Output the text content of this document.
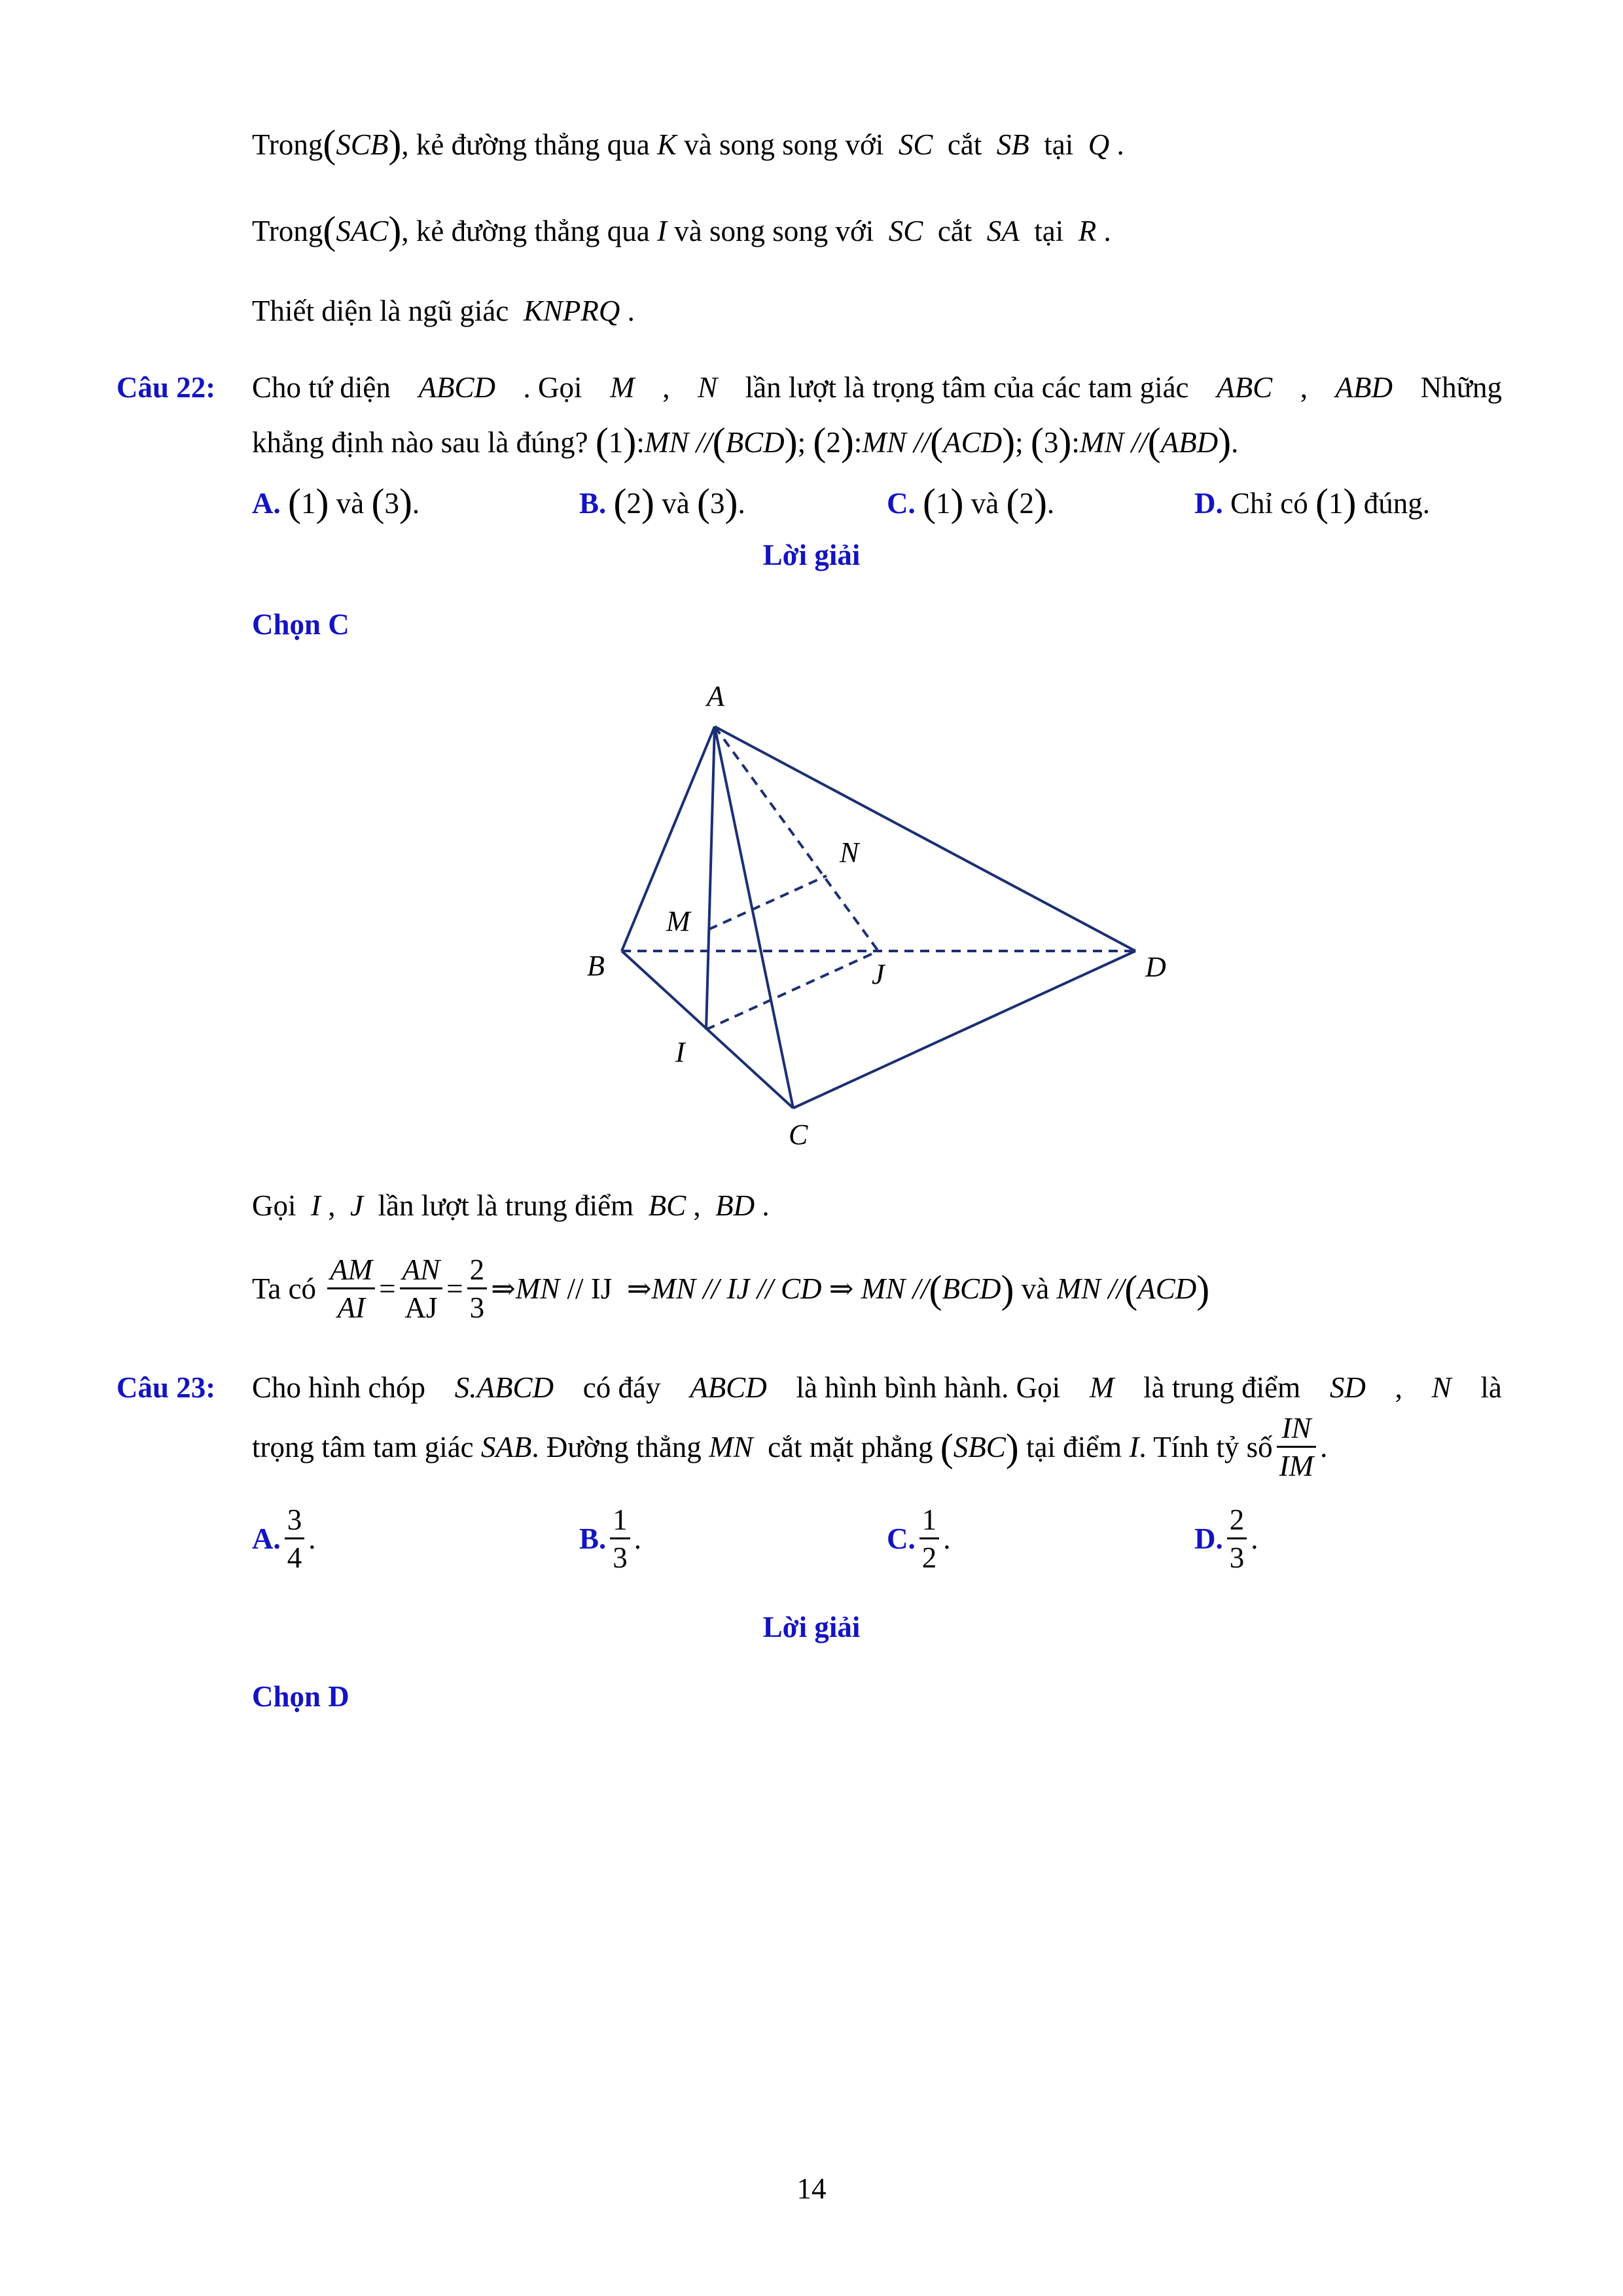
Trong(SCB), kẻ đường thẳng qua K và song song với SC cắt SB tại Q .
Trong(SAC), kẻ đường thẳng qua I và song song với SC cắt SA tại R .
Thiết diện là ngũ giác KNPRQ .
Câu 22: Cho tứ diện ABCD . Gọi M , N lần lượt là trọng tâm của các tam giác ABC , ABD Những
khẳng định nào sau là đúng? (1):MN //(BCD); (2):MN //(ACD); (3):MN //(ABD).
A. (1) và (3).	B. (2) và (3).	C. (1) và (2).	D. Chỉ có (1) đúng.
Lời giải
Chọn C
A
B
C
D
M
N
I
J
Gọi I , J lần lượt là trung điểm BC , BD .
Ta có
$\frac{AM}{AI} = \frac{AN}{AJ} = \frac{2}{3}$ ⇒ MN
// IJ
⇒ MN // IJ // CD
⇒
MN // ( BCD )
và
MN // ( ACD )
Câu 23: Cho hình chóp S.ABCD có đáy ABCD là hình bình hành. Gọi M là trung điểm SD , N là
trọng tâm tam giác
SAB . Đường thẳng
MN
cắt mặt phẳng
( SBC )
tại điểm
I . Tính tỷ số $\frac{IN}{IM}$ .
A. $\frac{3}{4}$ .	B. $\frac{1}{3}$ .	C. $\frac{1}{2}$ .	D. $\frac{2}{3}$ .
Lời giải
Chọn D
14
